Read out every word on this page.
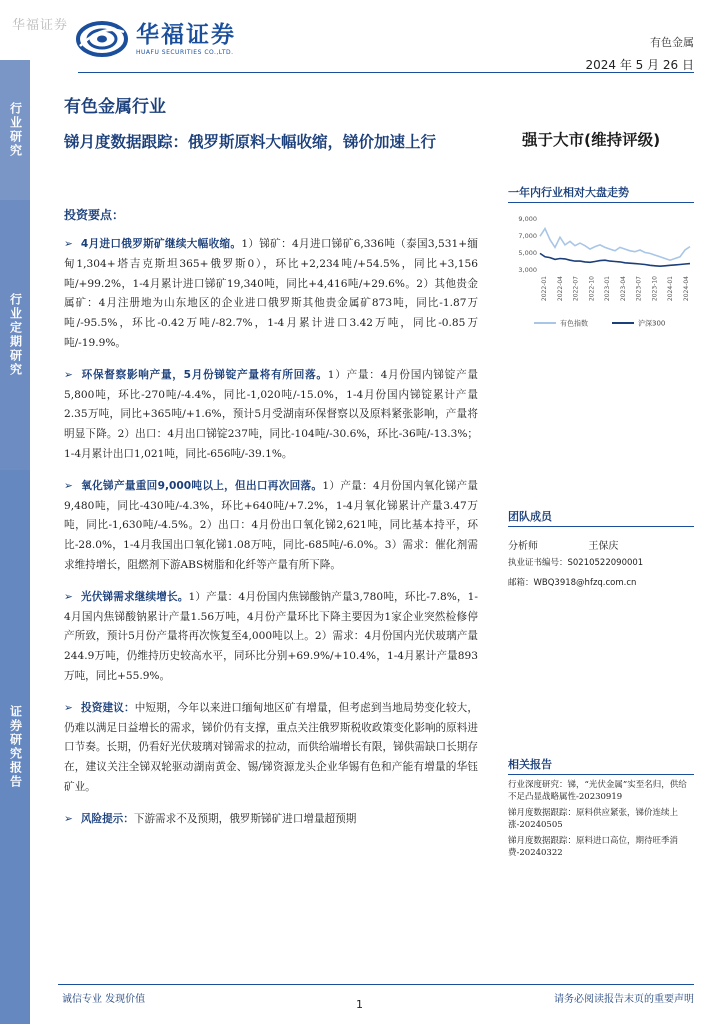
华福证券	华福证券
HUAFU SECURITIES CO.,LTD.
有色金属
2024 年 5 月 26 日
行业研究
行业定期研究
证券研究报告
有色金属行业
锑月度数据跟踪：俄罗斯原料大幅收缩，锑价加速上行	强于大市(维持评级)
投资要点：
➢ 4月进口俄罗斯矿继续大幅收缩。1）锑矿：4月进口锑矿6,336吨（泰国3,531+缅甸1,304+塔吉克斯坦365+俄罗斯0），环比+2,234吨/+54.5%，同比+3,156吨/+99.2%，1-4月累计进口锑矿19,340吨，同比+4,416吨/+29.6%。2）其他贵金属矿：4月注册地为山东地区的企业进口俄罗斯其他贵金属矿873吨，同比-1.87万吨/-95.5%，环比-0.42万吨/-82.7%，1-4月累计进口3.42万吨，同比-0.85万吨/-19.9%。
➢ 环保督察影响产量，5月份锑锭产量将有所回落。1）产量：4月份国内锑锭产量5,800吨，环比-270吨/-4.4%，同比-1,020吨/-15.0%，1-4月份国内锑锭累计产量2.35万吨，同比+365吨/+1.6%，预计5月受湖南环保督察以及原料紧张影响，产量将明显下降。2）出口：4月出口锑锭237吨，同比-104吨/-30.6%，环比-36吨/-13.3%；1-4月累计出口1,021吨，同比-656吨/-39.1%。
➢ 氧化锑产量重回9,000吨以上，但出口再次回落。1）产量：4月份国内氧化锑产量9,480吨，同比-430吨/-4.3%，环比+640吨/+7.2%，1-4月氧化锑累计产量3.47万吨，同比-1,630吨/-4.5%。2）出口：4月份出口氧化锑2,621吨，同比基本持平，环比-28.0%，1-4月我国出口氧化锑1.08万吨，同比-685吨/-6.0%。3）需求：催化剂需求维持增长，阻燃剂下游ABS树脂和化纤等产量有所下降。
➢ 光伏锑需求继续增长。1）产量：4月份国内焦锑酸钠产量3,780吨，环比-7.8%，1-4月国内焦锑酸钠累计产量1.56万吨，4月份产量环比下降主要因为1家企业突然检修停产所致，预计5月份产量将再次恢复至4,000吨以上。2）需求：4月份国内光伏玻璃产量244.9万吨，仍维持历史较高水平，同环比分别+69.9%/+10.4%，1-4月累计产量893万吨，同比+55.9%。
➢ 投资建议：中短期，今年以来进口缅甸地区矿有增量，但考虑到当地局势变化较大，仍难以满足日益增长的需求，锑价仍有支撑，重点关注俄罗斯税收政策变化影响的原料进口节奏。长期，仍看好光伏玻璃对锑需求的拉动，而供给端增长有限，锑供需缺口长期存在，建议关注全锑双轮驱动湖南黄金、锡/锑资源龙头企业华锡有色和产能有增量的华钰矿业。
➢ 风险提示：下游需求不及预期，俄罗斯锑矿进口增量超预期
一年内行业相对大盘走势
9,000
7,000
5,000
3,000
2022-01 2022-04 2022-07 2022-10 2023-01 2023-04 2023-07 2023-10 2024-01 2024-04
有色指数	沪深300
团队成员
分析师	王保庆
执业证书编号：S0210522090001
邮箱：WBQ3918@hfzq.com.cn
相关报告
行业深度研究：锑，“光伏金属”实至名归，供给不足凸显战略属性-20230919
锑月度数据跟踪：原料供应紧张，锑价连续上涨-20240505
锑月度数据跟踪：原料进口高位，期待旺季消费-20240322
诚信专业 发现价值	1	请务必阅读报告末页的重要声明
